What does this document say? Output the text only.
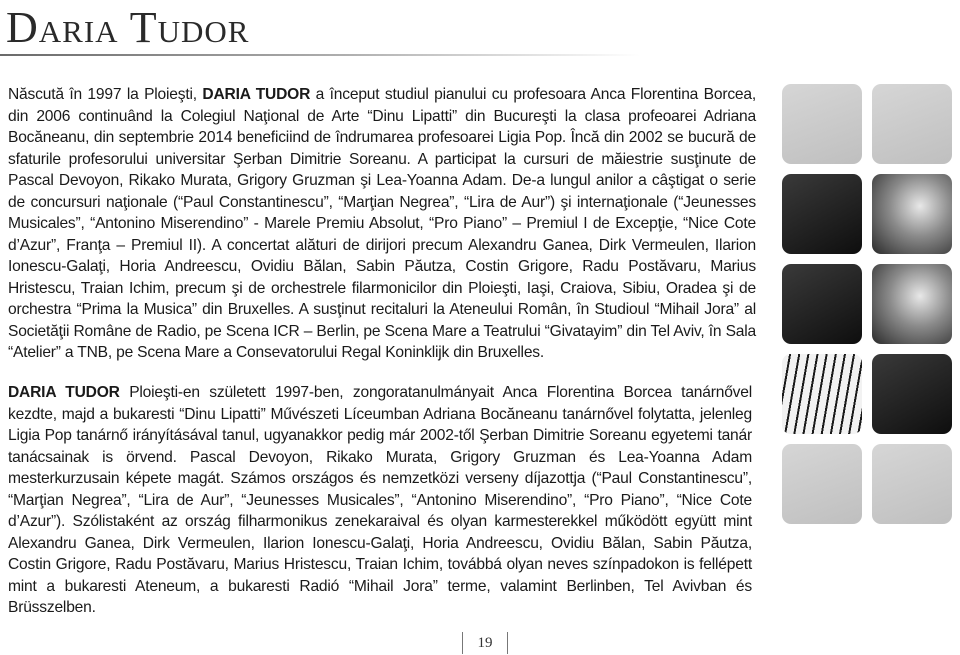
Daria Tudor

Născută în 1997 la Ploieşti, DARIA TUDOR a început studiul pianului cu profesoara Anca Florentina Borcea, din 2006 continuând la Colegiul Naţional de Arte “Dinu Lipatti” din Bucureşti la clasa profeoarei Adriana Bocăneanu, din septembrie 2014 beneficiind de îndrumarea profesoarei Ligia Pop. Încă din 2002 se bucură de sfaturile profesorului universitar Şerban Dimitrie Soreanu. A participat la cursuri de măiestrie susţinute de Pascal Devoyon, Rikako Murata, Grigory Gruzman şi Lea-Yoanna Adam. De-a lungul anilor a câştigat o serie de concursuri naţionale (“Paul Constantinescu”, “Marţian Negrea”, “Lira de Aur”) şi internaţionale (“Jeunesses Musicales”, “Antonino Miserendino” - Marele Premiu Absolut, “Pro Piano” – Premiul I de Excepţie, “Nice Cote d’Azur”, Franţa – Premiul II). A concertat alături de dirijori precum Alexandru Ganea, Dirk Vermeulen, Ilarion Ionescu-Galaţi, Horia Andreescu, Ovidiu Bălan, Sabin Păutza, Costin Grigore, Radu Postăvaru, Marius Hristescu, Traian Ichim, precum şi de orchestrele filarmonicilor din Ploieşti, Iaşi, Craiova, Sibiu, Oradea şi de orchestra “Prima la Musica” din Bruxelles. A susţinut recitaluri la Ateneului Român, în Studioul “Mihail Jora” al Societăţii Române de Radio, pe Scena ICR – Berlin, pe Scena Mare a Teatrului “Givatayim” din Tel Aviv, în Sala “Atelier” a TNB, pe Scena Mare a Consevatorului Regal Koninklijk din Bruxelles.

DARIA TUDOR Ploieşti-en született 1997-ben, zongoratanulmányait Anca Florentina Borcea tanárnővel kezdte, majd a bukaresti “Dinu Lipatti” Művészeti Líceumban Adriana Bocăneanu tanárnővel folytatta, jelenleg Ligia Pop tanárnő irányításával tanul, ugyanakkor pedig már 2002-től Şerban Dimitrie Soreanu egyetemi tanár tanácsainak is örvend. Pascal Devoyon, Rikako Murata, Grigory Gruzman és Lea-Yoanna Adam mesterkurzusain képete magát. Számos országos és nemzetközi verseny díjazottja (“Paul Constantinescu”, “Marţian Negrea”, “Lira de Aur”, “Jeunesses Musicales”, “Antonino Miserendino”, “Pro Piano”, “Nice Cote d’Azur”). Szólistaként az ország filharmonikus zenekaraival és olyan karmesterekkel működött együtt mint Alexandru Ganea, Dirk Vermeulen, Ilarion Ionescu-Galaţi, Horia Andreescu, Ovidiu Bălan, Sabin Păutza, Costin Grigore, Radu Postăvaru, Marius Hristescu, Traian Ichim, továbbá olyan neves színpadokon is fellépett mint a bukaresti Ateneum, a bukaresti Radió “Mihail Jora” terme, valamint Berlinben, Tel Avivban és Brüsszelben.

19
